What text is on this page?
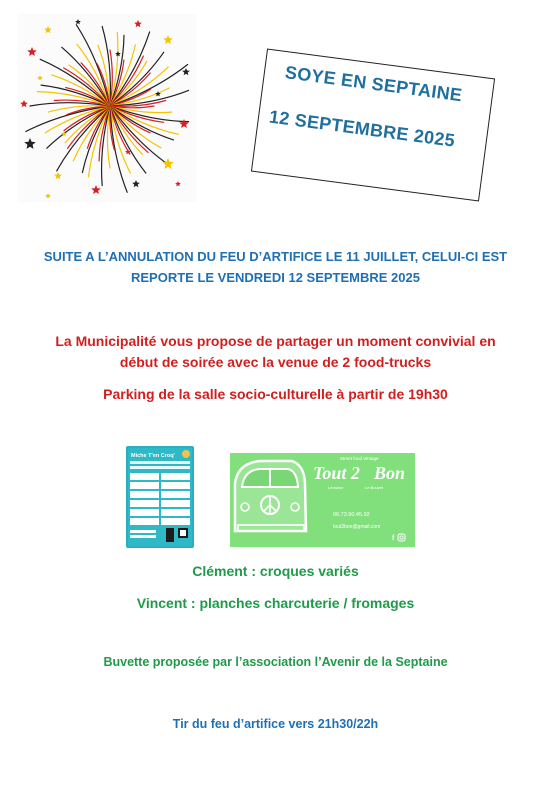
SOYE EN SEPTAINE
12 SEPTEMBRE 2025
SUITE A L’ANNULATION DU FEU D’ARTIFICE LE 11 JUILLET, CELUI-CI EST
REPORTE LE VENDREDI 12 SEPTEMBRE 2025
La Municipalité vous propose de partager un moment convivial en
début de soirée avec la venue de 2 food-trucks
Parking de la salle socio-culturelle à partir de 19h30
Miche T'en Croq'	Street food Vintage
Tout 2 Bon
Lemoine	Le Bouvet
06.73.90.45.92
tout2bon@gmail.com
f
Clément : croques variés
Vincent : planches charcuterie / fromages
Buvette proposée par l’association l’Avenir de la Septaine
Tir du feu d’artifice vers 21h30/22h
